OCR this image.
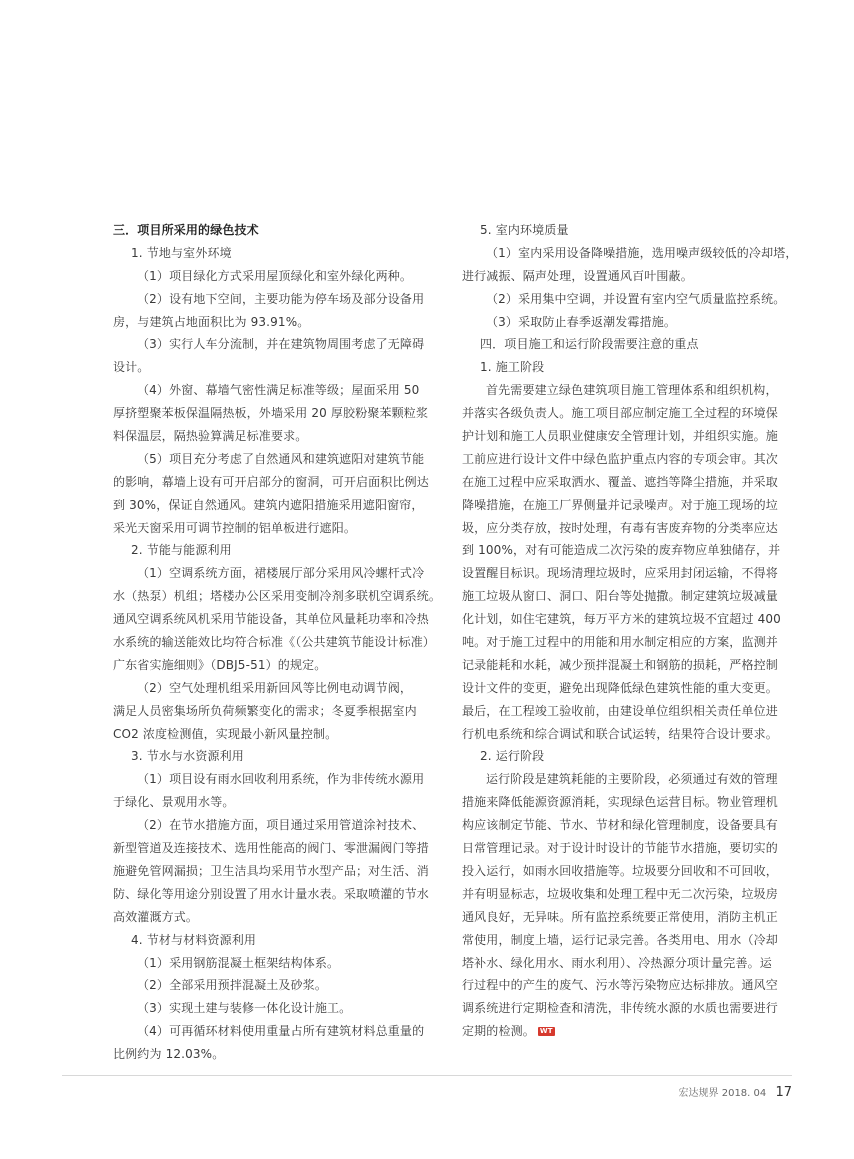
三．项目所采用的绿色技术
1. 节地与室外环境
（1）项目绿化方式采用屋顶绿化和室外绿化两种。
（2）设有地下空间，主要功能为停车场及部分设备用
房，与建筑占地面积比为 93.91%。
（3）实行人车分流制，并在建筑物周围考虑了无障碍
设计。
（4）外窗、幕墙气密性满足标准等级；屋面采用 50
厚挤塑聚苯板保温隔热板，外墙采用 20 厚胶粉聚苯颗粒浆
料保温层，隔热验算满足标准要求。
（5）项目充分考虑了自然通风和建筑遮阳对建筑节能
的影响，幕墙上设有可开启部分的窗洞，可开启面积比例达
到 30%，保证自然通风。建筑内遮阳措施采用遮阳窗帘，
采光天窗采用可调节控制的铝单板进行遮阳。
2. 节能与能源利用
（1）空调系统方面，裙楼展厅部分采用风冷螺杆式冷
水（热泵）机组；塔楼办公区采用变制冷剂多联机空调系统。
通风空调系统风机采用节能设备，其单位风量耗功率和冷热
水系统的输送能效比均符合标准《（公共建筑节能设计标准）
广东省实施细则》（DBJ5-51）的规定。
（2）空气处理机组采用新回风等比例电动调节阀，
满足人员密集场所负荷频繁变化的需求；冬夏季根据室内
CO2 浓度检测值，实现最小新风量控制。
3. 节水与水资源利用
（1）项目设有雨水回收利用系统，作为非传统水源用
于绿化、景观用水等。
（2）在节水措施方面，项目通过采用管道涂衬技术、
新型管道及连接技术、选用性能高的阀门、零泄漏阀门等措
施避免管网漏损；卫生洁具均采用节水型产品；对生活、消
防、绿化等用途分别设置了用水计量水表。采取喷灌的节水
高效灌溉方式。
4. 节材与材料资源利用
（1）采用钢筋混凝土框架结构体系。
（2）全部采用预拌混凝土及砂浆。
（3）实现土建与装修一体化设计施工。
（4）可再循环材料使用重量占所有建筑材料总重量的
比例约为 12.03%。
5. 室内环境质量
（1）室内采用设备降噪措施，选用噪声级较低的冷却塔，
进行减振、隔声处理，设置通风百叶围蔽。
（2）采用集中空调，并设置有室内空气质量监控系统。
（3）采取防止春季返潮发霉措施。
四．项目施工和运行阶段需要注意的重点
1. 施工阶段
首先需要建立绿色建筑项目施工管理体系和组织机构，
并落实各级负责人。施工项目部应制定施工全过程的环境保
护计划和施工人员职业健康安全管理计划，并组织实施。施
工前应进行设计文件中绿色监护重点内容的专项会审。其次
在施工过程中应采取洒水、覆盖、遮挡等降尘措施，并采取
降噪措施，在施工厂界侧量并记录噪声。对于施工现场的垃
圾，应分类存放，按时处理，有毒有害废弃物的分类率应达
到 100%，对有可能造成二次污染的废弃物应单独储存，并
设置醒目标识。现场清理垃圾时，应采用封闭运输，不得将
施工垃圾从窗口、洞口、阳台等处抛撒。制定建筑垃圾减量
化计划，如住宅建筑，每万平方米的建筑垃圾不宜超过 400
吨。对于施工过程中的用能和用水制定相应的方案，监测并
记录能耗和水耗，减少预拌混凝土和钢筋的损耗，严格控制
设计文件的变更，避免出现降低绿色建筑性能的重大变更。
最后，在工程竣工验收前，由建设单位组织相关责任单位进
行机电系统和综合调试和联合试运转，结果符合设计要求。
2. 运行阶段
运行阶段是建筑耗能的主要阶段，必须通过有效的管理
措施来降低能源资源消耗，实现绿色运营目标。物业管理机
构应该制定节能、节水、节材和绿化管理制度，设备要具有
日常管理记录。对于设计时设计的节能节水措施，要切实的
投入运行，如雨水回收措施等。垃圾要分回收和不可回收，
并有明显标志，垃圾收集和处理工程中无二次污染，垃圾房
通风良好，无异味。所有监控系统要正常使用，消防主机正
常使用，制度上墙，运行记录完善。各类用电、用水（冷却
塔补水、绿化用水、雨水利用）、冷热源分项计量完善。运
行过程中的产生的废气、污水等污染物应达标排放。通风空
调系统进行定期检查和清洗，非传统水源的水质也需要进行
定期的检测。 WT
宏达规界 2018. 04 17
